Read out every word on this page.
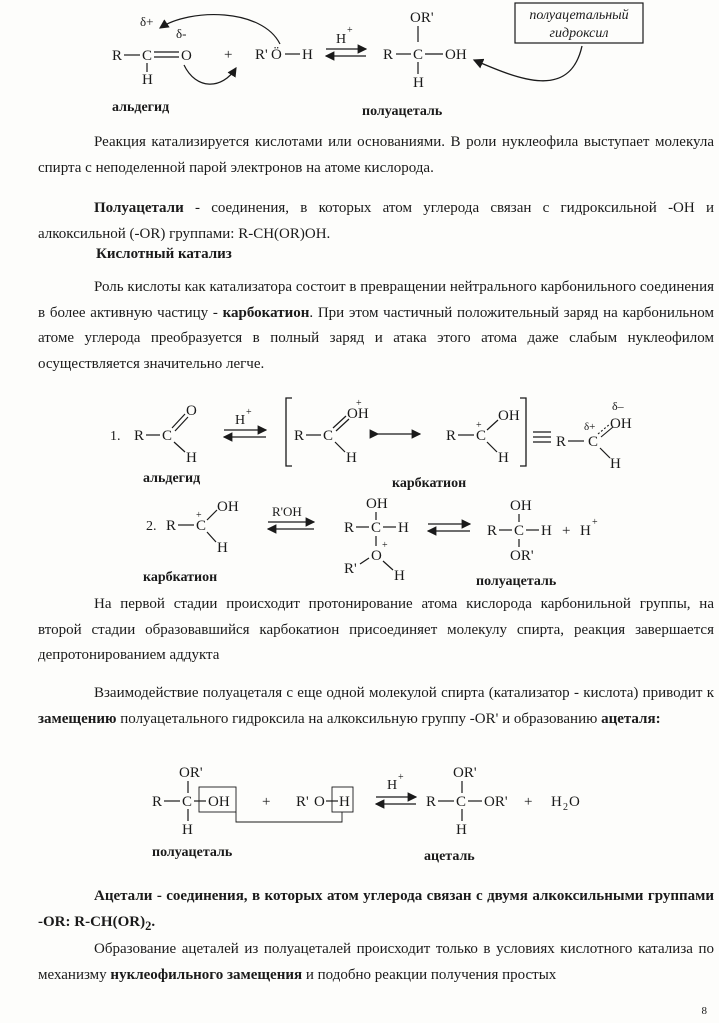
δ+
δ-
R C O
H
+ R' Ö H
H
+
OR'
R C OH
H
полуацетальный
гидроксил
альдегид	полуацеталь

Реакция катализируется кислотами или основаниями. В роли нуклеофила выступает молекула спирта с неподеленной парой электронов на атоме кислорода.

Полуацетали - соединения, в которых атом углерода связан с гидроксильной -ОН и алкоксильной (-OR) группами: R-CH(OR)OH.

Кислотный катализ

Роль кислоты как катализатора состоит в превращении нейтрального карбонильного соединения в более активную частицу - карбокатион. При этом частичный положительный заряд на карбонильном атоме углерода преобразуется в полный заряд и атака этого атома даже слабым нуклеофилом осуществляется значительно легче.

1. R C
O
H
H
+
R C
OH
+
H
R
+
C
OH
H
δ–
R
δ+
C
OH
H
2. R
+
C
OH
H
R'OH	OH
R C H
+
O
R' H
OH
R C H
OR'
+ H
+
альдегид	карбкатион
карбкатион	полуацеталь

На первой стадии происходит протонирование атома кислорода карбонильной группы, на второй стадии образовавшийся карбокатион присоединяет молекулу спирта, реакция завершается депротонированием аддукта

Взаимодействие полуацеталя с еще одной молекулой спирта (катализатор - кислота) приводит к замещению полуацетального гидроксила на алкоксильную группу -OR' и образованию ацеталя:

OR'
R C OH
H
+ R' O H
H
+	OR'
R C OR'
H
+ H 2 O
полуацеталь	ацеталь

Ацетали - соединения, в которых атом углерода связан с двумя алкоксильными группами -OR: $R-CH(OR)_2$.

Образование ацеталей из полуацеталей происходит только в условиях кислотного катализа по механизму нуклеофильного замещения и подобно реакции получения простых

8
